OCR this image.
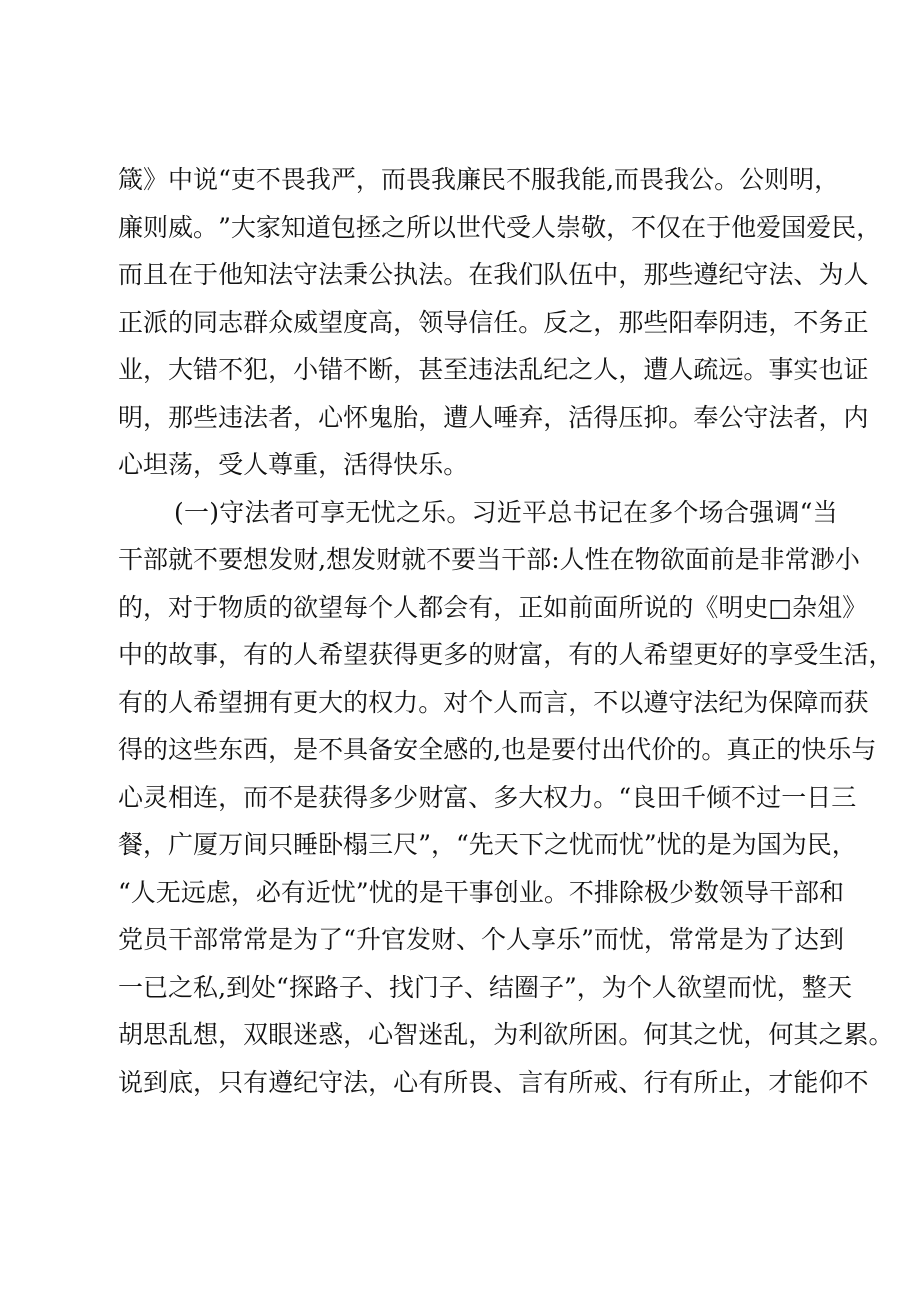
箴 》 中 说 “ 吏 不 畏 我 严 ， 而 畏 我 廉 民 不 服 我 能 , 而 畏 我 公 。 公 则 明 ，
廉 则 威 。 ” 大 家 知 道 包 拯 之 所 以 世 代 受 人 崇 敬 ， 不 仅 在 于 他 爱 国 爱 民 ，
而 且 在 于 他 知 法 守 法 秉 公 执 法 。 在 我 们 队 伍 中 ， 那 些 遵 纪 守 法 、 为 人
正 派 的 同 志 群 众 威 望 度 高 ， 领 导 信 任 。 反 之 ， 那 些 阳 奉 阴 违 ， 不 务 正
业 ， 大 错 不 犯 ， 小 错 不 断 ， 甚 至 违 法 乱 纪 之 人 ， 遭 人 疏 远 。 事 实 也 证
明 ， 那 些 违 法 者 ， 心 怀 鬼 胎 ， 遭 人 唾 弃 ， 活 得 压 抑 。 奉 公 守 法 者 ， 内
心 坦 荡 ， 受 人 尊 重 ， 活 得 快 乐 。
( 一 ) 守 法 者 可 享 无 忧 之 乐 。 习 近 平 总 书 记 在 多 个 场 合 强 调 “ 当
干 部 就 不 要 想 发 财 , 想 发 财 就 不 要 当 干 部 : 人 性 在 物 欲 面 前 是 非 常 渺 小
的 ， 对 于 物 质 的 欲 望 每 个 人 都 会 有 ， 正 如 前 面 所 说 的 《 明 史 □ 杂 俎 》
中 的 故 事 ， 有 的 人 希 望 获 得 更 多 的 财 富 ， 有 的 人 希 望 更 好 的 享 受 生 活 ，
有 的 人 希 望 拥 有 更 大 的 权 力 。 对 个 人 而 言 ， 不 以 遵 守 法 纪 为 保 障 而 获
得 的 这 些 东 西 ， 是 不 具 备 安 全 感 的 , 也 是 要 付 出 代 价 的 。 真 正 的 快 乐 与
心 灵 相 连 ， 而 不 是 获 得 多 少 财 富 、 多 大 权 力 。 “ 良 田 千 倾 不 过 一 日 三
餐 ， 广 厦 万 间 只 睡 卧 榻 三 尺 ” ， “ 先 天 下 之 忧 而 忧 ” 忧 的 是 为 国 为 民 ，
“ 人 无 远 虑 ， 必 有 近 忧 ” 忧 的 是 干 事 创 业 。 不 排 除 极 少 数 领 导 干 部 和
党 员 干 部 常 常 是 为 了 “ 升 官 发 财 、 个 人 享 乐 ” 而 忧 ， 常 常 是 为 了 达 到
一 已 之 私 , 到 处 “ 探 路 子 、 找 门 子 、 结 圈 子 ” ， 为 个 人 欲 望 而 忧 ， 整 天
胡 思 乱 想 ， 双 眼 迷 惑 ， 心 智 迷 乱 ， 为 利 欲 所 困 。 何 其 之 忧 ， 何 其 之 累 。
说 到 底 ， 只 有 遵 纪 守 法 ， 心 有 所 畏 、 言 有 所 戒 、 行 有 所 止 ， 才 能 仰 不
